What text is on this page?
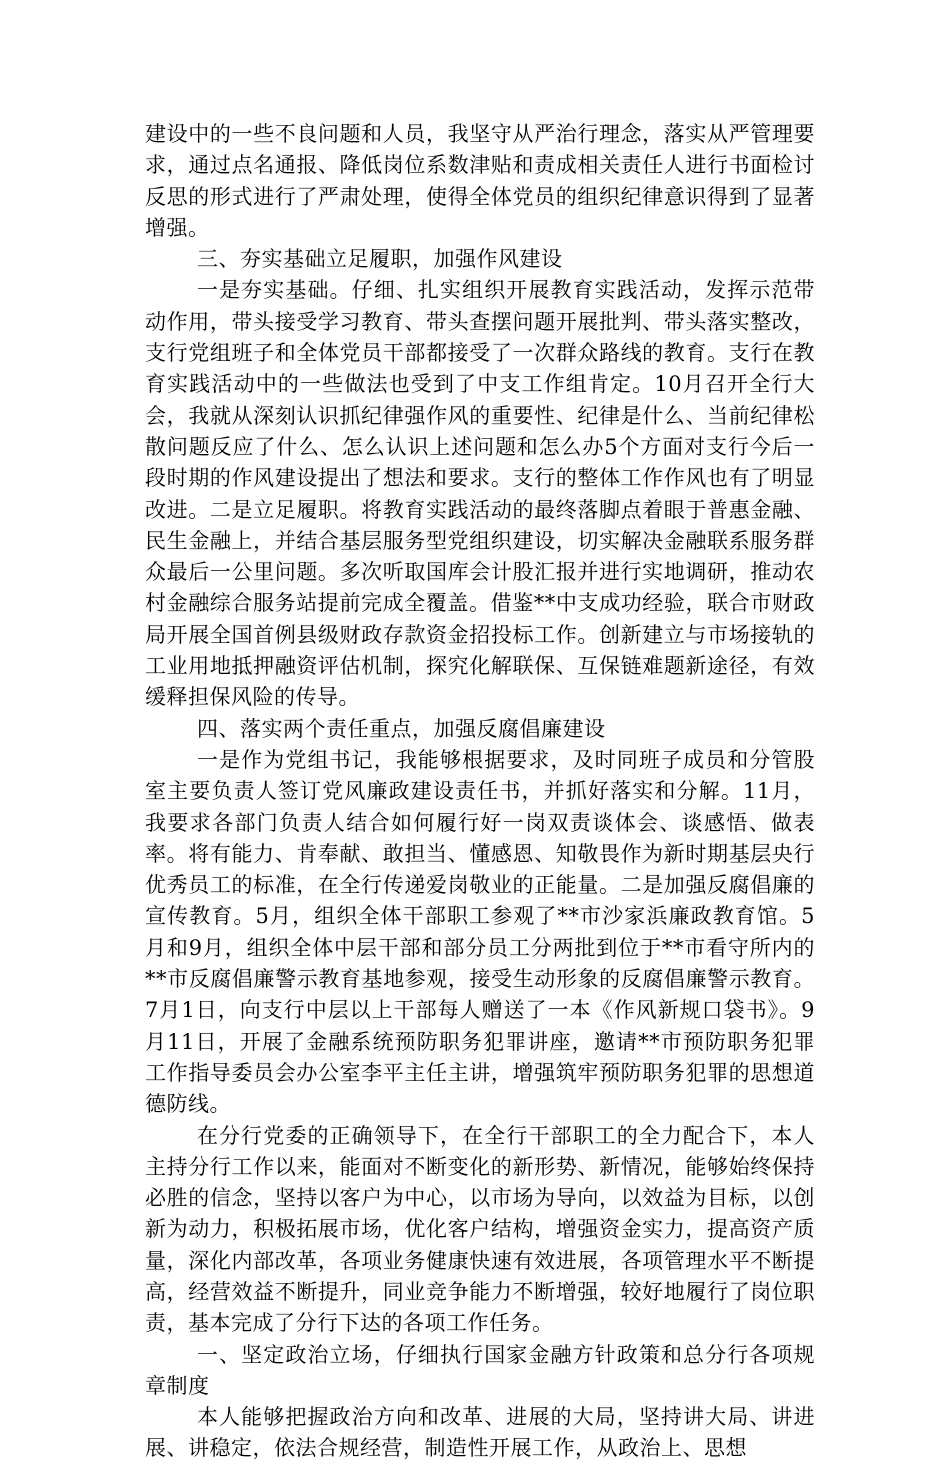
建设中的一些不良问题和人员，我坚守从严治行理念，落实从严管理要求，通过点名通报、降低岗位系数津贴和责成相关责任人进行书面检讨反思的形式进行了严肃处理，使得全体党员的组织纪律意识得到了显著增强。

三、夯实基础立足履职，加强作风建设

一是夯实基础。仔细、扎实组织开展教育实践活动，发挥示范带动作用，带头接受学习教育、带头查摆问题开展批判、带头落实整改，支行党组班子和全体党员干部都接受了一次群众路线的教育。支行在教育实践活动中的一些做法也受到了中支工作组肯定。10月召开全行大会，我就从深刻认识抓纪律强作风的重要性、纪律是什么、当前纪律松散问题反应了什么、怎么认识上述问题和怎么办5个方面对支行今后一段时期的作风建设提出了想法和要求。支行的整体工作作风也有了明显改进。二是立足履职。将教育实践活动的最终落脚点着眼于普惠金融、民生金融上，并结合基层服务型党组织建设，切实解决金融联系服务群众最后一公里问题。多次听取国库会计股汇报并进行实地调研，推动农村金融综合服务站提前完成全覆盖。借鉴**中支成功经验，联合市财政局开展全国首例县级财政存款资金招投标工作。创新建立与市场接轨的工业用地抵押融资评估机制，探究化解联保、互保链难题新途径，有效缓释担保风险的传导。

四、落实两个责任重点，加强反腐倡廉建设

一是作为党组书记，我能够根据要求，及时同班子成员和分管股室主要负责人签订党风廉政建设责任书，并抓好落实和分解。11月，我要求各部门负责人结合如何履行好一岗双责谈体会、谈感悟、做表率。将有能力、肯奉献、敢担当、懂感恩、知敬畏作为新时期基层央行优秀员工的标准，在全行传递爱岗敬业的正能量。二是加强反腐倡廉的宣传教育。5月，组织全体干部职工参观了**市沙家浜廉政教育馆。5月和9月，组织全体中层干部和部分员工分两批到位于**市看守所内的**市反腐倡廉警示教育基地参观，接受生动形象的反腐倡廉警示教育。7月1日，向支行中层以上干部每人赠送了一本《作风新规口袋书》。9月11日，开展了金融系统预防职务犯罪讲座，邀请**市预防职务犯罪工作指导委员会办公室李平主任主讲，增强筑牢预防职务犯罪的思想道德防线。

在分行党委的正确领导下，在全行干部职工的全力配合下，本人主持分行工作以来，能面对不断变化的新形势、新情况，能够始终保持必胜的信念，坚持以客户为中心，以市场为导向，以效益为目标，以创新为动力，积极拓展市场，优化客户结构，增强资金实力，提高资产质量，深化内部改革，各项业务健康快速有效进展，各项管理水平不断提高，经营效益不断提升，同业竞争能力不断增强，较好地履行了岗位职责，基本完成了分行下达的各项工作任务。

一、坚定政治立场，仔细执行国家金融方针政策和总分行各项规章制度

本人能够把握政治方向和改革、进展的大局，坚持讲大局、讲进展、讲稳定，依法合规经营，制造性开展工作，从政治上、思想
